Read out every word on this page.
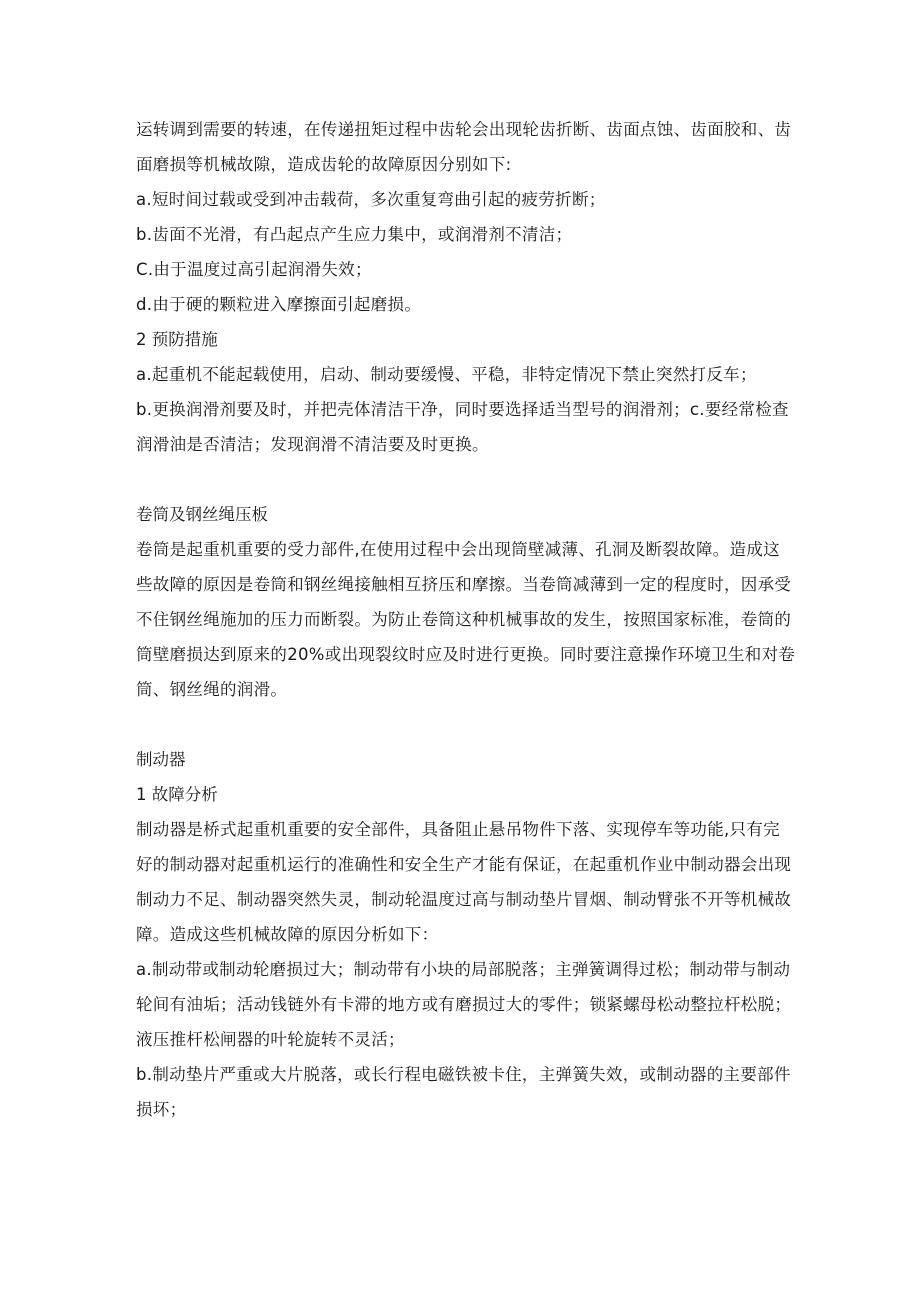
运转调到需要的转速，在传递扭矩过程中齿轮会出现轮齿折断、齿面点蚀、齿面胶和、齿面磨损等机械故隙，造成齿轮的故障原因分别如下:

a.短时间过载或受到冲击载荷，多次重复弯曲引起的疲劳折断；

b.齿面不光滑，有凸起点产生应力集中，或润滑剂不清洁；

C.由于温度过高引起润滑失效；

d.由于硬的颗粒进入摩擦面引起磨损。

2 预防措施

a.起重机不能起载使用，启动、制动要缓慢、平稳，非特定情况下禁止突然打反车；

b.更换润滑剂要及时，并把壳体清洁干净，同时要选择适当型号的润滑剂；c.要经常检查润滑油是否清洁；发现润滑不清洁要及时更换。

卷筒及钢丝绳压板

卷筒是起重机重要的受力部件,在使用过程中会出现筒壁减薄、孔洞及断裂故障。造成这些故障的原因是卷筒和钢丝绳接触相互挤压和摩擦。当卷筒减薄到一定的程度时，因承受不住钢丝绳施加的压力而断裂。为防止卷筒这种机械事故的发生，按照国家标准，卷筒的筒壁磨损达到原来的20%或出现裂纹时应及时进行更换。同时要注意操作环境卫生和对卷筒、钢丝绳的润滑。

制动器

1 故障分析

制动器是桥式起重机重要的安全部件，具备阻止悬吊物件下落、实现停车等功能,只有完好的制动器对起重机运行的准确性和安全生产才能有保证，在起重机作业中制动器会出现制动力不足、制动器突然失灵，制动轮温度过高与制动垫片冒烟、制动臂张不开等机械故障。造成这些机械故障的原因分析如下：

a.制动带或制动轮磨损过大；制动带有小块的局部脱落；主弹簧调得过松；制动带与制动轮间有油垢；活动钱链外有卡滞的地方或有磨损过大的零件；锁紧螺母松动整拉杆松脱；液压推杆松闸器的叶轮旋转不灵活；

b.制动垫片严重或大片脱落，或长行程电磁铁被卡住，主弹簧失效，或制动器的主要部件损坏；
